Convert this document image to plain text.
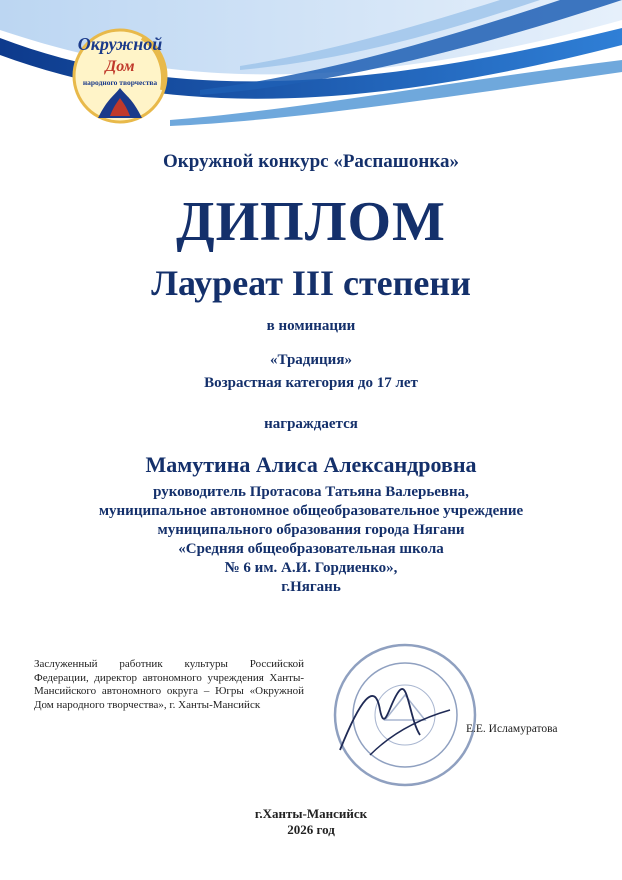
Окружной
Дом
народного творчества
Окружной конкурс «Распашонка»
ДИПЛОМ
Лауреат III степени
в номинации
«Традиция»
Возрастная категория до 17 лет
награждается
Мамутина Алиса Александровна
руководитель Протасова Татьяна Валерьевна,
муниципальное автономное общеобразовательное учреждение
муниципального образования города Нягани
«Средняя общеобразовательная школа
№ 6 им. А.И. Гордиенко»,
г.Нягань
Заслуженный работник культуры Российской Федерации, директор автономного учреждения Ханты-Мансийского автономного округа – Югры «Окружной Дом народного творчества», г. Ханты-Мансийск
Е.Е. Исламуратова
г.Ханты-Мансийск
2026 год
